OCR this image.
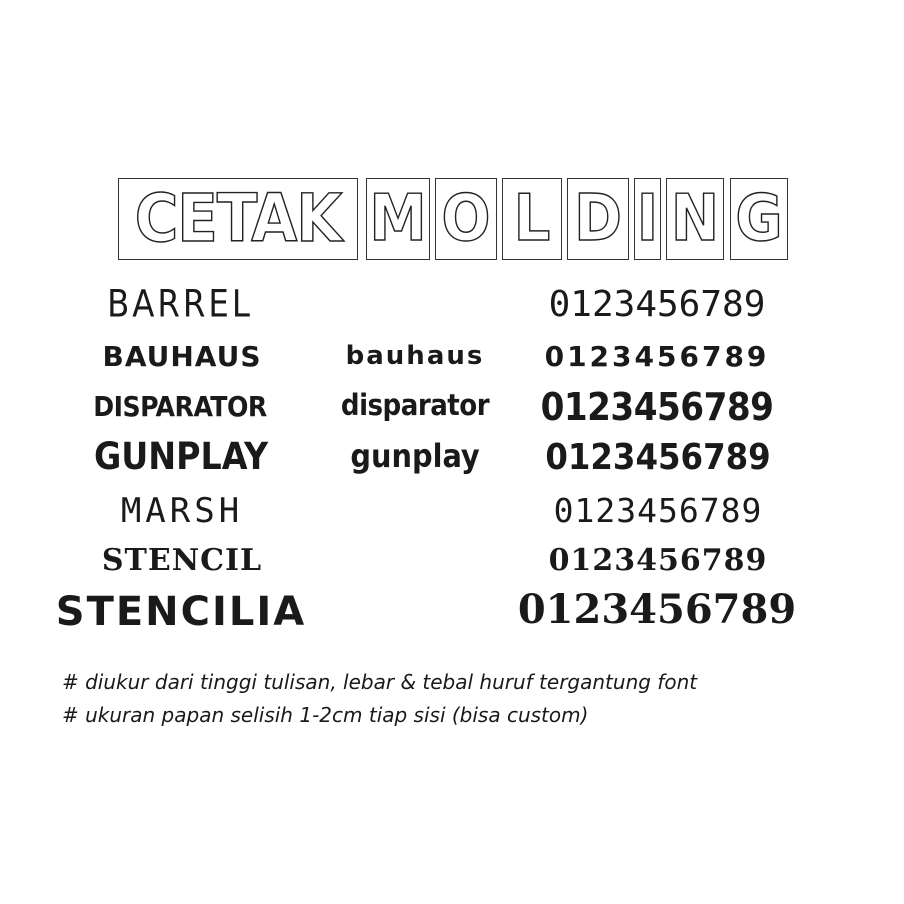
CETAK M O L D I N G
BARREL
BAUHAUS
DISPARATOR
GUNPLAY
MARSH
STENCIL
STENCILIA
bauhaus
disparator
gunplay
0123456789
0123456789
0123456789
0123456789
0123456789
0123456789
0123456789
# diukur dari tinggi tulisan, lebar & tebal huruf tergantung font
# ukuran papan selisih 1-2cm tiap sisi (bisa custom)
